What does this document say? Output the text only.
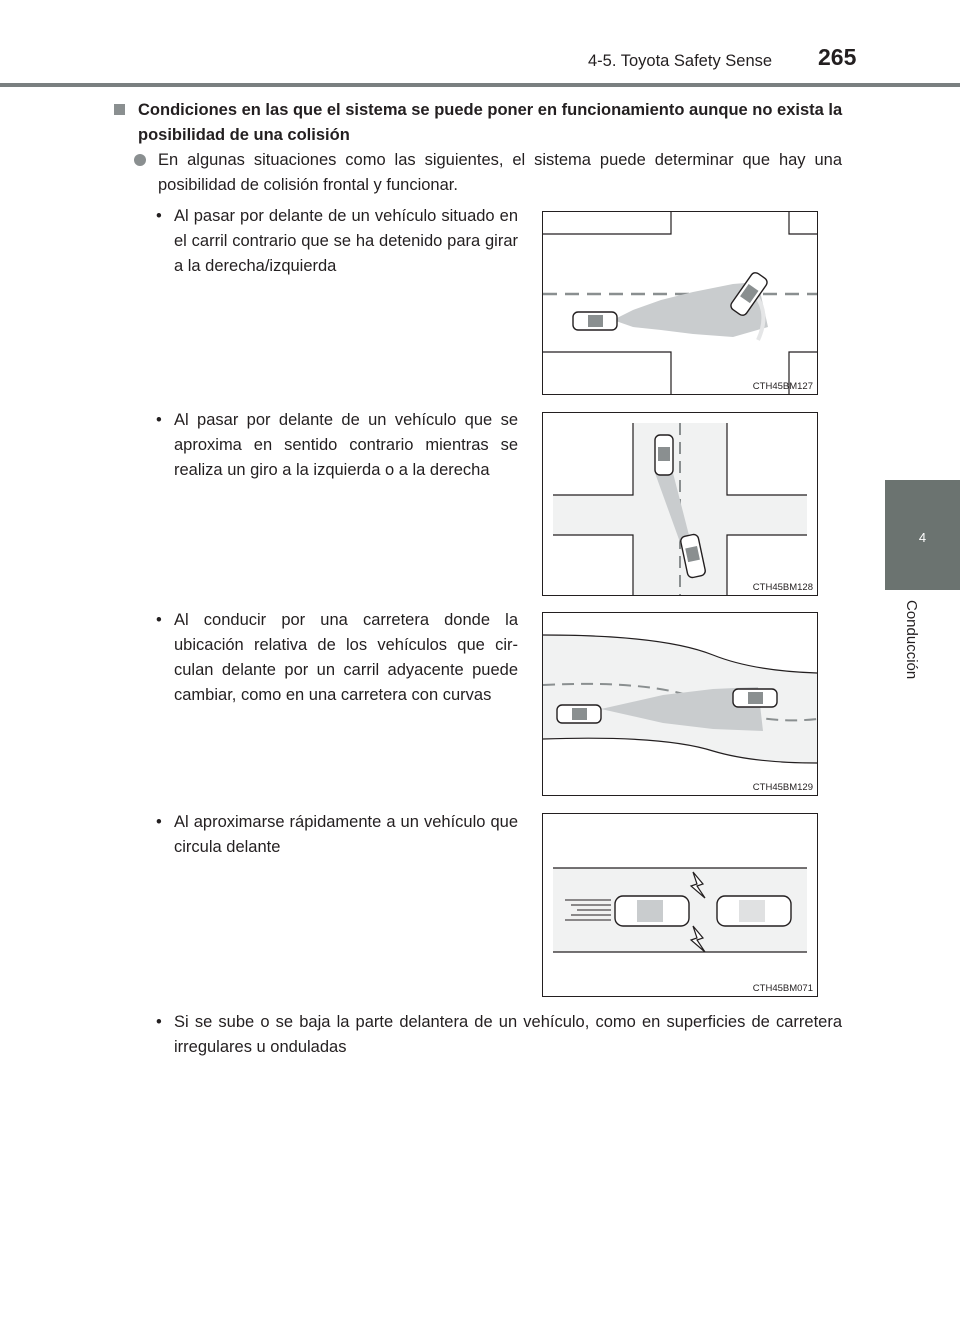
4-5. Toyota Safety Sense 265
4
Conducción
Condiciones en las que el sistema se puede poner en funcionamiento aunque no exista la posibilidad de una colisión
En algunas situaciones como las siguientes, el sistema puede determinar que hay una posibilidad de colisión frontal y funcionar.
• Al pasar por delante de un vehículo situado en el carril contrario que se ha detenido para girar a la derecha/izquierda
CTH45BM127
• Al pasar por delante de un vehículo que se aproxima en sentido contrario mientras se realiza un giro a la izquierda o a la derecha
CTH45BM128
• Al conducir por una carretera donde la ubicación relativa de los vehículos que cir-culan delante por un carril adyacente puede cambiar, como en una carretera con curvas
CTH45BM129
• Al aproximarse rápidamente a un vehículo que circula delante
CTH45BM071
• Si se sube o se baja la parte delantera de un vehículo, como en superficies de carretera irregulares u onduladas
